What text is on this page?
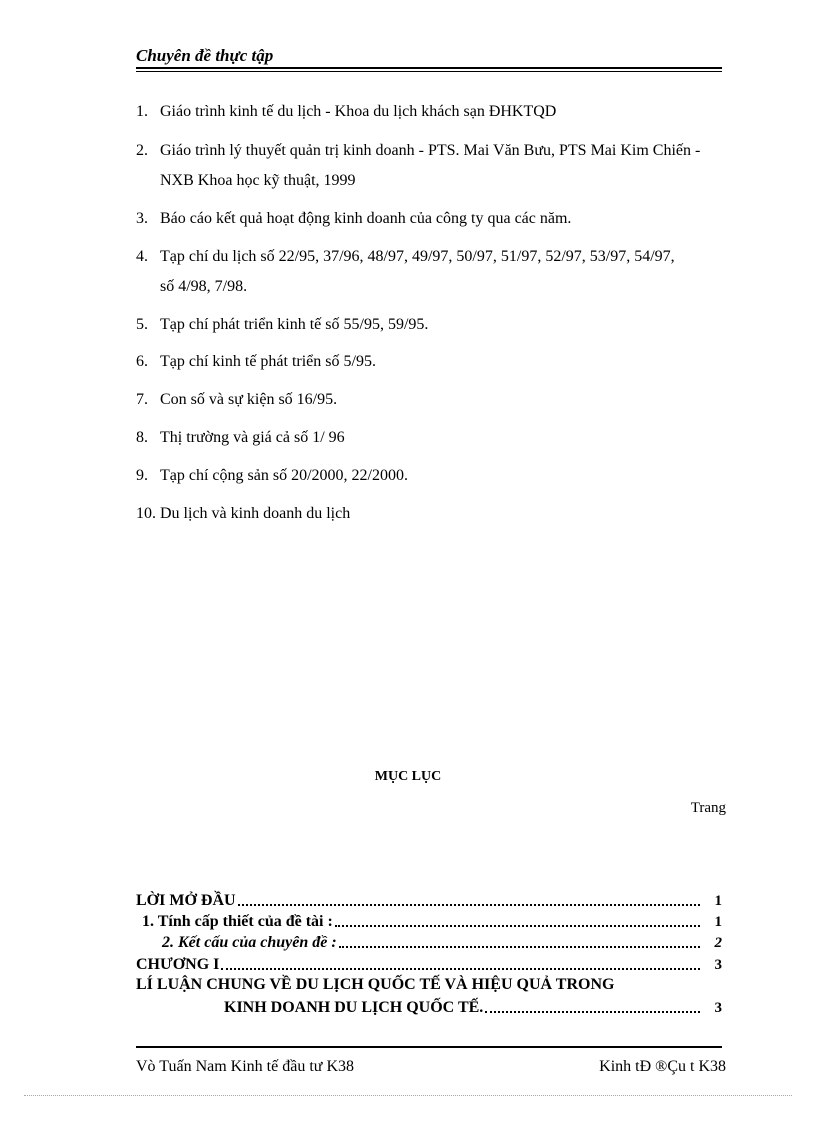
Chuyên đề thực tập
1. Giáo trình kinh tế du lịch - Khoa du lịch khách sạn ĐHKTQD
2. Giáo trình lý thuyết quản trị kinh doanh - PTS. Mai Văn Bưu, PTS Mai Kim Chiến - NXB Khoa học kỹ thuật, 1999
3. Báo cáo kết quả hoạt động kinh doanh của công ty qua các năm.
4. Tạp chí du lịch số 22/95, 37/96, 48/97, 49/97, 50/97, 51/97, 52/97, 53/97, 54/97, số 4/98, 7/98.
5. Tạp chí phát triển kinh tế số 55/95, 59/95.
6. Tạp chí kinh tế phát triển số 5/95.
7. Con số và sự kiện số 16/95.
8. Thị trường và giá cả số 1/ 96
9. Tạp chí cộng sản số 20/2000, 22/2000.
10. Du lịch và kinh doanh du lịch
MỤC LỤC
Trang
LỜI MỞ ĐẦU	1
1. Tính cấp thiết của đề tài :	1
2. Kết cấu của chuyên đề :	2
CHƯƠNG I	3
LÍ LUẬN CHUNG VỀ DU LỊCH QUỐC TẾ VÀ HIỆU QUẢ TRONG
KINH DOANH DU LỊCH QUỐC TẾ.	3
Vò Tuấn Nam Kinh tế đầu tư K38	Kinh tÐ ®Çu t K38
